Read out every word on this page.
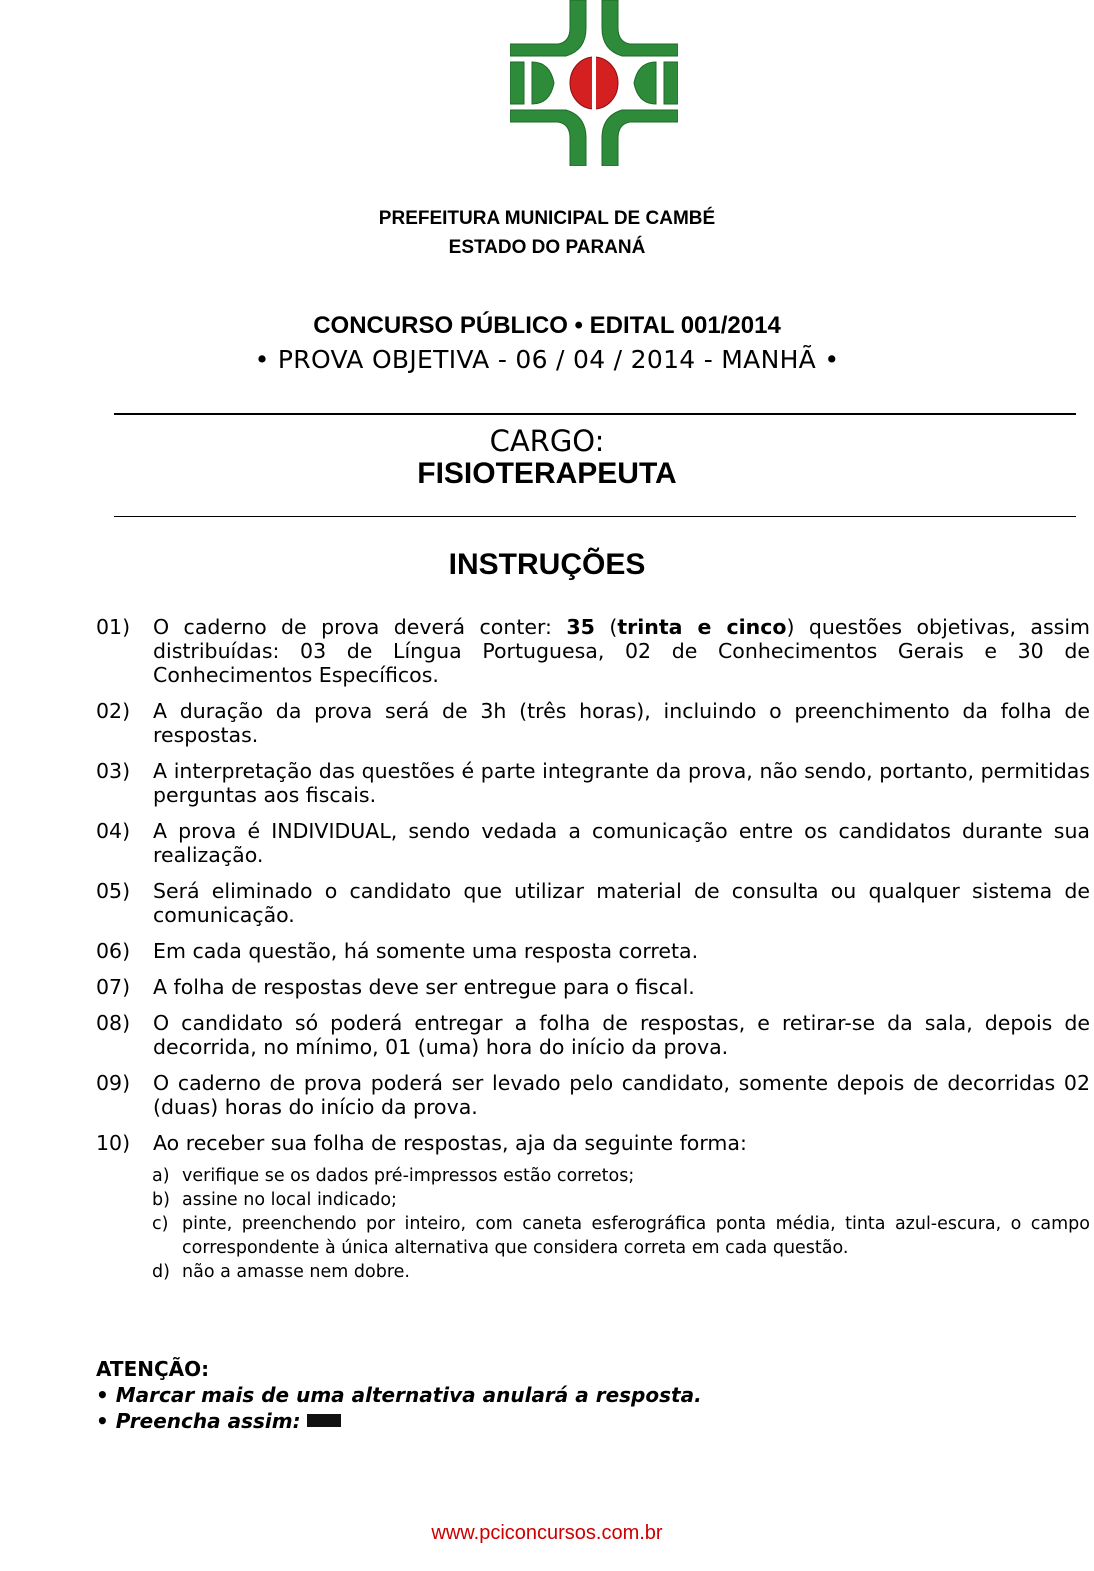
PREFEITURA MUNICIPAL DE CAMBÉ
ESTADO DO PARANÁ
CONCURSO PÚBLICO • EDITAL 001/2014
• PROVA OBJETIVA - 06 / 04 / 2014 - MANHÃ •
CARGO:
FISIOTERAPEUTA
INSTRUÇÕES
01)	O caderno de prova deverá conter: 35 (trinta e cinco) questões objetivas, assim distribuídas: 03 de Língua Portuguesa, 02 de Conhecimentos Gerais e 30 de Conhecimentos Específicos.
02)	A duração da prova será de 3h (três horas), incluindo o preenchimento da folha de respostas.
03)	A interpretação das questões é parte integrante da prova, não sendo, portanto, permitidas perguntas aos fiscais.
04)	A prova é INDIVIDUAL, sendo vedada a comunicação entre os candidatos durante sua realização.
05)	Será eliminado o candidato que utilizar material de consulta ou qualquer sistema de comunicação.
06)	Em cada questão, há somente uma resposta correta.
07)	A folha de respostas deve ser entregue para o fiscal.
08)	O candidato só poderá entregar a folha de respostas, e retirar-se da sala, depois de decorrida, no mínimo, 01 (uma) hora do início da prova.
09)	O caderno de prova poderá ser levado pelo candidato, somente depois de decorridas 02 (duas) horas do início da prova.
10)	Ao receber sua folha de respostas, aja da seguinte forma:
a) verifique se os dados pré-impressos estão corretos;
b) assine no local indicado;
c) pinte, preenchendo por inteiro, com caneta esferográfica ponta média, tinta azul-escura, o campo correspondente à única alternativa que considera correta em cada questão.
d) não a amasse nem dobre.
ATENÇÃO:
• Marcar mais de uma alternativa anulará a resposta.
• Preencha assim:
www.pciconcursos.com.br
